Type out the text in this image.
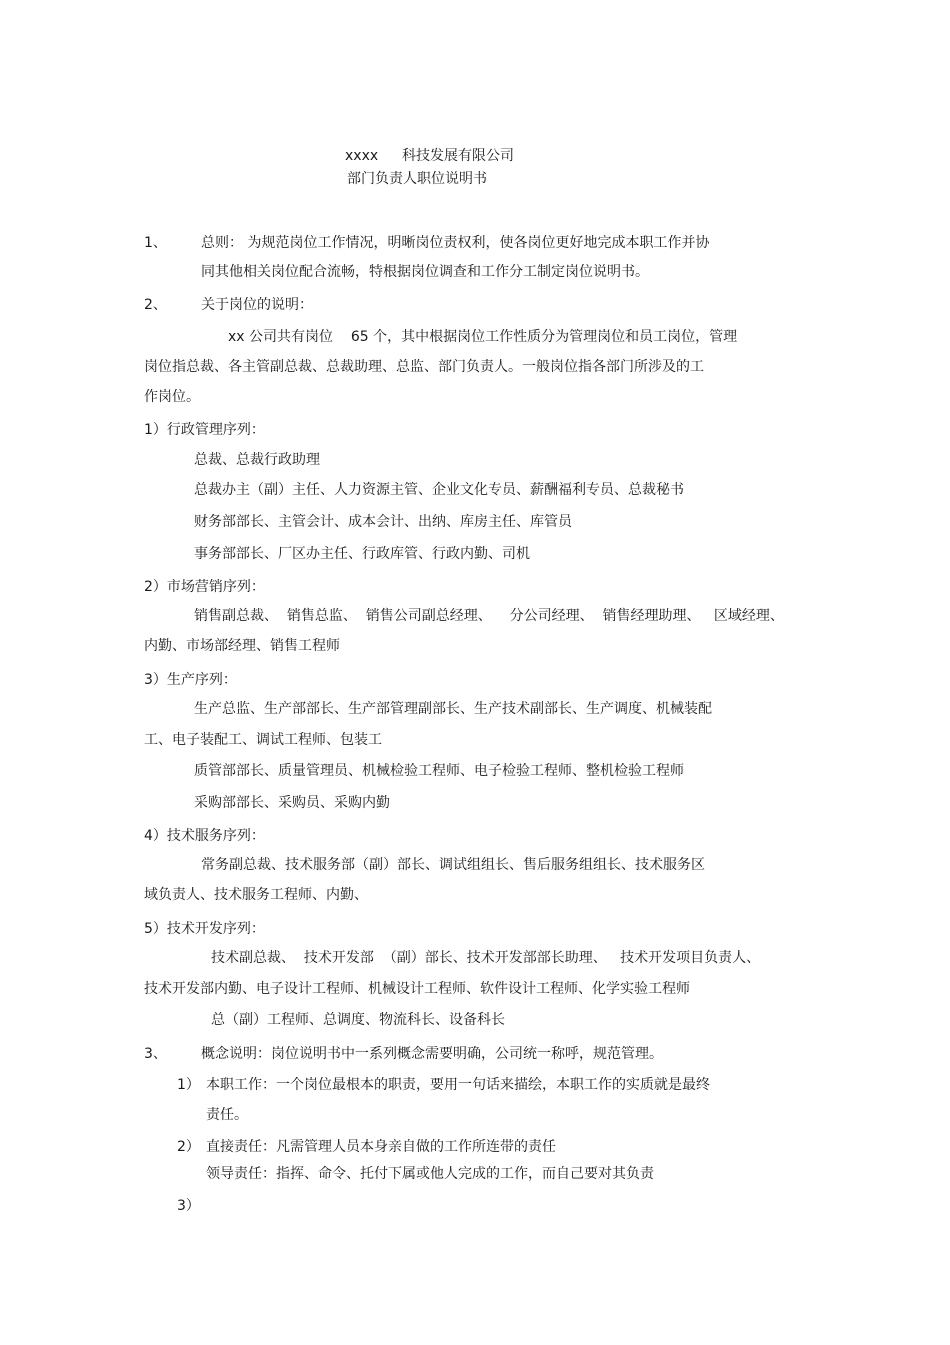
xxxx 科技发展有限公司
部门负责人职位说明书
1、 总则： 为规范岗位工作情况，明晰岗位责权利，使各岗位更好地完成本职工作并协
同其他相关岗位配合流畅，特根据岗位调查和工作分工制定岗位说明书。
2、 关于岗位的说明：
xx 公司共有岗位    65 个，其中根据岗位工作性质分为管理岗位和员工岗位，管理
岗位指总裁、各主管副总裁、总裁助理、总监、部门负责人。一般岗位指各部门所涉及的工
作岗位。
1）行政管理序列：
总裁、总裁行政助理
总裁办主（副）主任、人力资源主管、企业文化专员、薪酬福利专员、总裁秘书
财务部部长、主管会计、成本会计、出纳、库房主任、库管员
事务部部长、厂区办主任、行政库管、行政内勤、司机
2）市场营销序列：
销售副总裁、  销售总监、  销售公司副总经理、    分公司经理、  销售经理助理、   区域经理、
内勤、市场部经理、销售工程师
3）生产序列：
生产总监、生产部部长、生产部管理副部长、生产技术副部长、生产调度、机械装配
工、电子装配工、调试工程师、包装工
质管部部长、质量管理员、机械检验工程师、电子检验工程师、整机检验工程师
采购部部长、采购员、采购内勤
4）技术服务序列：
常务副总裁、技术服务部（副）部长、调试组组长、售后服务组组长、技术服务区
域负责人、技术服务工程师、内勤、
5）技术开发序列：
技术副总裁、  技术开发部  （副）部长、技术开发部部长助理、   技术开发项目负责人、
技术开发部内勤、电子设计工程师、机械设计工程师、软件设计工程师、化学实验工程师
总（副）工程师、总调度、物流科长、设备科长
3、 概念说明：岗位说明书中一系列概念需要明确，公司统一称呼，规范管理。
1） 本职工作：一个岗位最根本的职责，要用一句话来描绘，本职工作的实质就是最终
责任。
2） 直接责任：凡需管理人员本身亲自做的工作所连带的责任
领导责任：指挥、命令、托付下属或他人完成的工作，而自己要对其负责
3）
